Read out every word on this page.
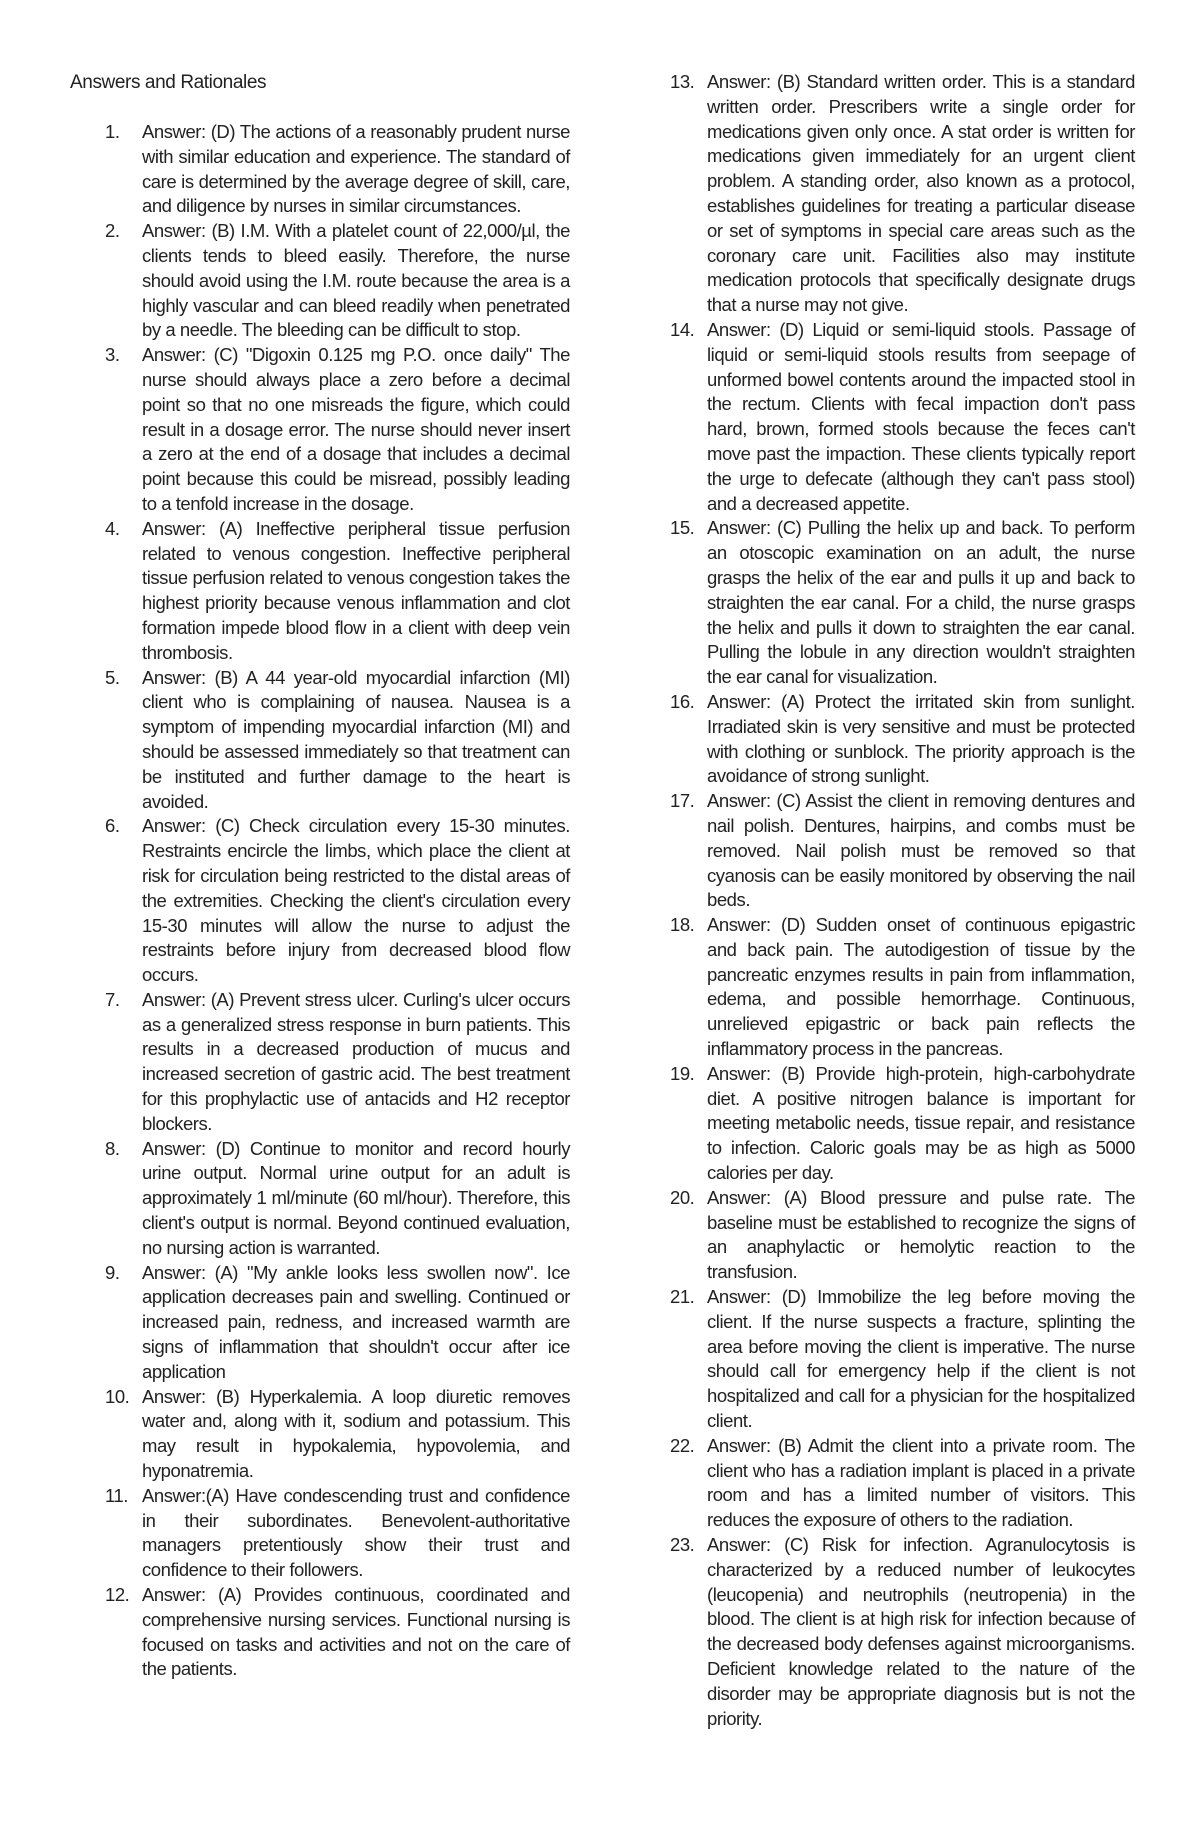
Answers and Rationales
1.	Answer: (D) The actions of a reasonably prudent nurse with similar education and experience. The standard of care is determined by the average degree of skill, care, and diligence by nurses in similar circumstances.
2.	Answer: (B) I.M. With a platelet count of 22,000/µl, the clients tends to bleed easily. Therefore, the nurse should avoid using the I.M. route because the area is a highly vascular and can bleed readily when penetrated by a needle. The bleeding can be difficult to stop.
3.	Answer: (C) "Digoxin 0.125 mg P.O. once daily" The nurse should always place a zero before a decimal point so that no one misreads the figure, which could result in a dosage error. The nurse should never insert a zero at the end of a dosage that includes a decimal point because this could be misread, possibly leading to a tenfold increase in the dosage.
4.	Answer: (A) Ineffective peripheral tissue perfusion related to venous congestion. Ineffective peripheral tissue perfusion related to venous congestion takes the highest priority because venous inflammation and clot formation impede blood flow in a client with deep vein thrombosis.
5.	Answer: (B) A 44 year-old myocardial infarction (MI) client who is complaining of nausea. Nausea is a symptom of impending myocardial infarction (MI) and should be assessed immediately so that treatment can be instituted and further damage to the heart is avoided.
6.	Answer: (C) Check circulation every 15-30 minutes. Restraints encircle the limbs, which place the client at risk for circulation being restricted to the distal areas of the extremities. Checking the client's circulation every 15-30 minutes will allow the nurse to adjust the restraints before injury from decreased blood flow occurs.
7.	Answer: (A) Prevent stress ulcer. Curling's ulcer occurs as a generalized stress response in burn patients. This results in a decreased production of mucus and increased secretion of gastric acid. The best treatment for this prophylactic use of antacids and H2 receptor blockers.
8.	Answer: (D) Continue to monitor and record hourly urine output. Normal urine output for an adult is approximately 1 ml/minute (60 ml/hour). Therefore, this client's output is normal. Beyond continued evaluation, no nursing action is warranted.
9.	Answer: (A) "My ankle looks less swollen now". Ice application decreases pain and swelling. Continued or increased pain, redness, and increased warmth are signs of inflammation that shouldn't occur after ice application
10. Answer: (B) Hyperkalemia. A loop diuretic removes water and, along with it, sodium and potassium. This may result in hypokalemia, hypovolemia, and hyponatremia.
11. Answer:(A) Have condescending trust and confidence in their subordinates. Benevolent-authoritative managers pretentiously show their trust and confidence to their followers.
12. Answer: (A) Provides continuous, coordinated and comprehensive nursing services. Functional nursing is focused on tasks and activities and not on the care of the patients.
13. Answer: (B) Standard written order. This is a standard written order. Prescribers write a single order for medications given only once. A stat order is written for medications given immediately for an urgent client problem. A standing order, also known as a protocol, establishes guidelines for treating a particular disease or set of symptoms in special care areas such as the coronary care unit. Facilities also may institute medication protocols that specifically designate drugs that a nurse may not give.
14. Answer: (D) Liquid or semi-liquid stools. Passage of liquid or semi-liquid stools results from seepage of unformed bowel contents around the impacted stool in the rectum. Clients with fecal impaction don't pass hard, brown, formed stools because the feces can't move past the impaction. These clients typically report the urge to defecate (although they can't pass stool) and a decreased appetite.
15. Answer: (C) Pulling the helix up and back. To perform an otoscopic examination on an adult, the nurse grasps the helix of the ear and pulls it up and back to straighten the ear canal. For a child, the nurse grasps the helix and pulls it down to straighten the ear canal. Pulling the lobule in any direction wouldn't straighten the ear canal for visualization.
16. Answer: (A) Protect the irritated skin from sunlight. Irradiated skin is very sensitive and must be protected with clothing or sunblock. The priority approach is the avoidance of strong sunlight.
17. Answer: (C) Assist the client in removing dentures and nail polish. Dentures, hairpins, and combs must be removed. Nail polish must be removed so that cyanosis can be easily monitored by observing the nail beds.
18. Answer: (D) Sudden onset of continuous epigastric and back pain. The autodigestion of tissue by the pancreatic enzymes results in pain from inflammation, edema, and possible hemorrhage. Continuous, unrelieved epigastric or back pain reflects the inflammatory process in the pancreas.
19. Answer: (B) Provide high-protein, high-carbohydrate diet. A positive nitrogen balance is important for meeting metabolic needs, tissue repair, and resistance to infection. Caloric goals may be as high as 5000 calories per day.
20. Answer: (A) Blood pressure and pulse rate. The baseline must be established to recognize the signs of an anaphylactic or hemolytic reaction to the transfusion.
21. Answer: (D) Immobilize the leg before moving the client. If the nurse suspects a fracture, splinting the area before moving the client is imperative. The nurse should call for emergency help if the client is not hospitalized and call for a physician for the hospitalized client.
22. Answer: (B) Admit the client into a private room. The client who has a radiation implant is placed in a private room and has a limited number of visitors. This reduces the exposure of others to the radiation.
23. Answer: (C) Risk for infection. Agranulocytosis is characterized by a reduced number of leukocytes (leucopenia) and neutrophils (neutropenia) in the blood. The client is at high risk for infection because of the decreased body defenses against microorganisms. Deficient knowledge related to the nature of the disorder may be appropriate diagnosis but is not the priority.
